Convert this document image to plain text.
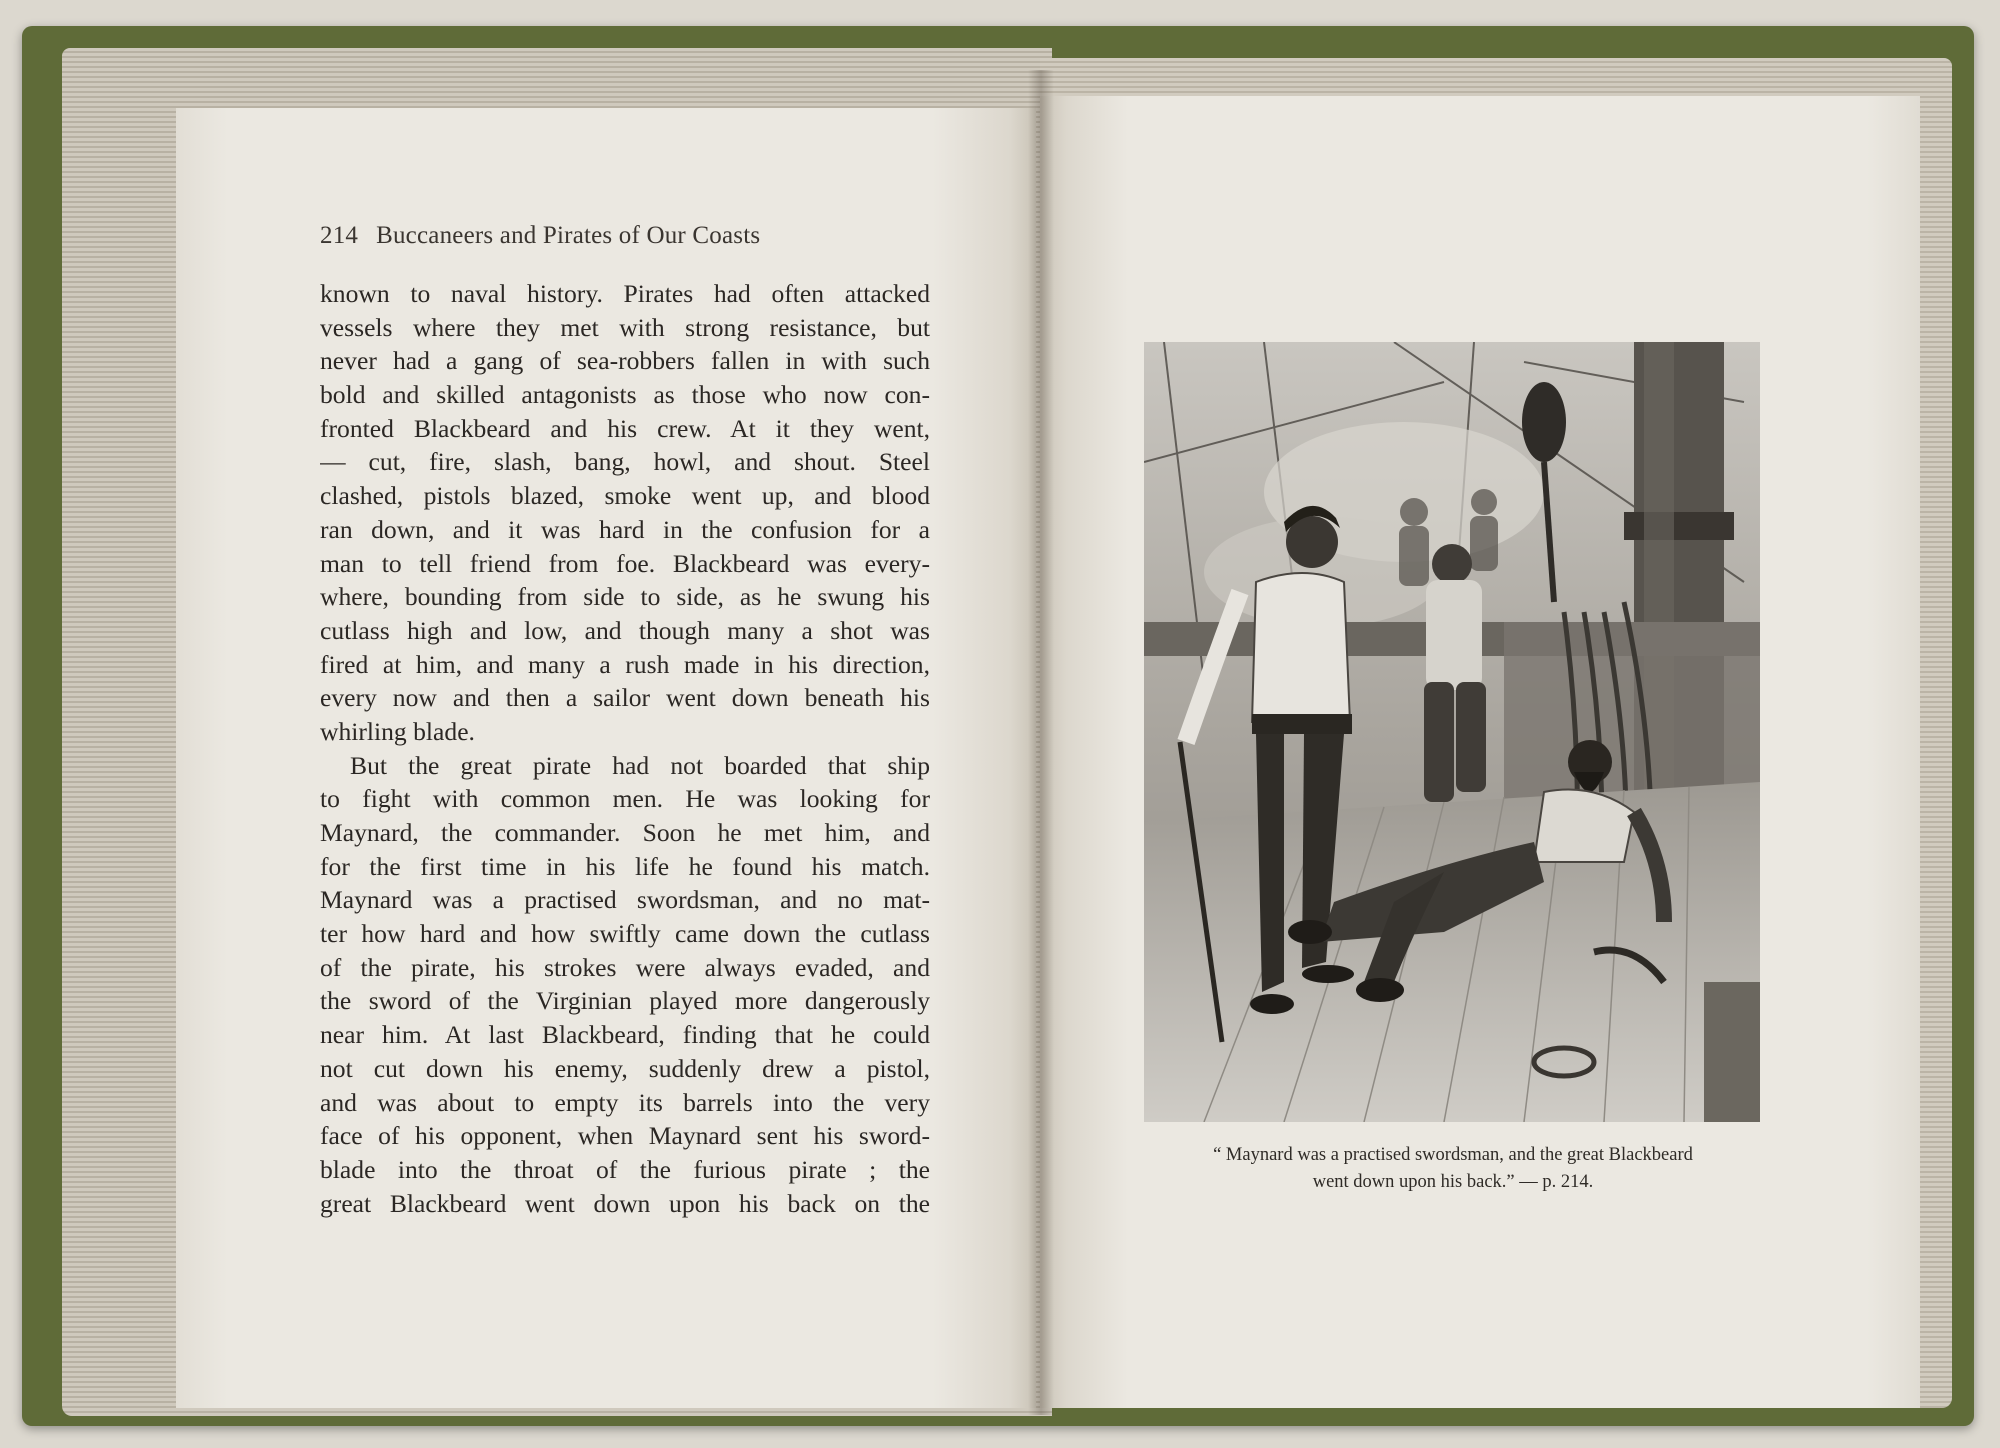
214 Buccaneers and Pirates of Our Coasts
known to naval history. Pirates had often attacked
vessels where they met with strong resistance, but
never had a gang of sea-robbers fallen in with such
bold and skilled antagonists as those who now con-
fronted Blackbeard and his crew. At it they went,
— cut, fire, slash, bang, howl, and shout. Steel
clashed, pistols blazed, smoke went up, and blood
ran down, and it was hard in the confusion for a
man to tell friend from foe. Blackbeard was every-
where, bounding from side to side, as he swung his
cutlass high and low, and though many a shot was
fired at him, and many a rush made in his direction,
every now and then a sailor went down beneath his
whirling blade.
But the great pirate had not boarded that ship
to fight with common men. He was looking for
Maynard, the commander. Soon he met him, and
for the first time in his life he found his match.
Maynard was a practised swordsman, and no mat-
ter how hard and how swiftly came down the cutlass
of the pirate, his strokes were always evaded, and
the sword of the Virginian played more dangerously
near him. At last Blackbeard, finding that he could
not cut down his enemy, suddenly drew a pistol,
and was about to empty its barrels into the very
face of his opponent, when Maynard sent his sword-
blade into the throat of the furious pirate ; the
great Blackbeard went down upon his back on the
“ Maynard was a practised swordsman, and the great Blackbeard
went down upon his back.” — p. 214.
